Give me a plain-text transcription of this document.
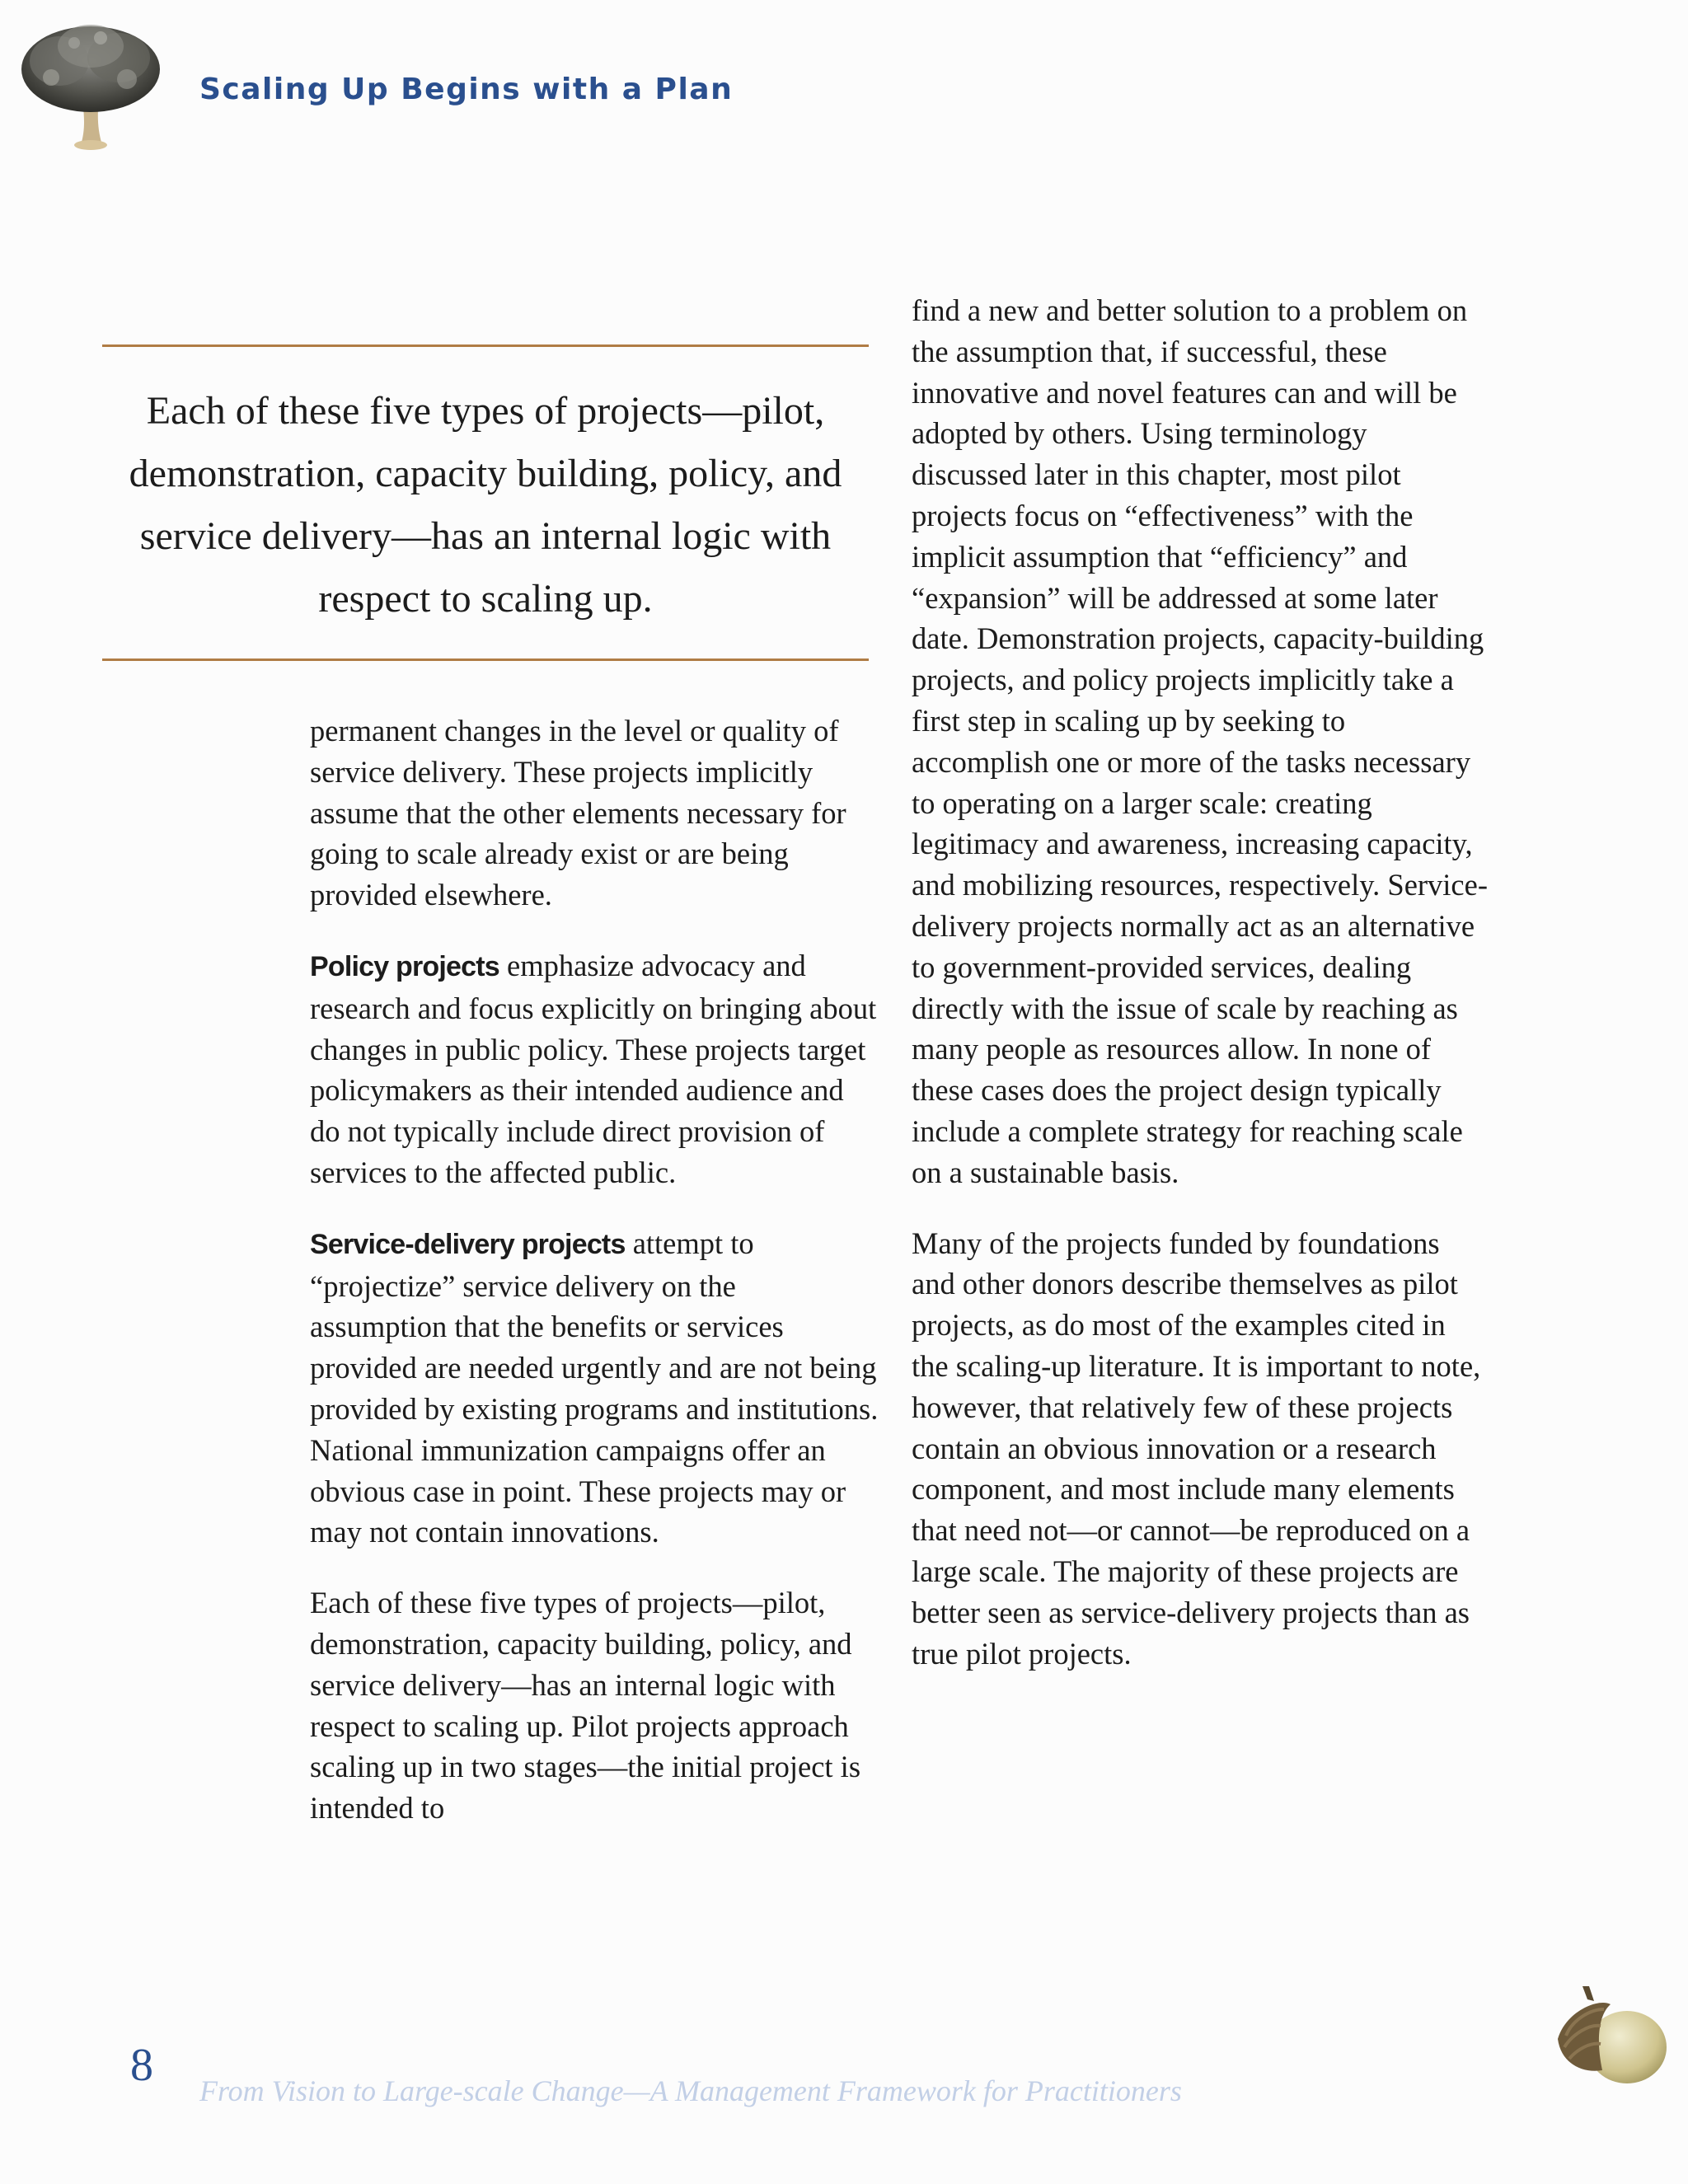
Scaling Up Begins with a Plan
Each of these five types of projects—pilot, demonstration, capacity building, policy, and service delivery—has an internal logic with respect to scaling up.

permanent changes in the level or quality of service delivery. These projects implicitly assume that the other elements necessary for going to scale already exist or are being provided elsewhere.

Policy projects emphasize advocacy and research and focus explicitly on bringing about changes in public policy. These projects target policymakers as their intended audience and do not typically include direct provision of services to the affected public.

Service-delivery projects attempt to “projectize” service delivery on the assumption that the benefits or services provided are needed urgently and are not being provided by existing programs and institutions. National immunization campaigns offer an obvious case in point. These projects may or may not contain innovations.

Each of these five types of projects—pilot, demonstration, capacity building, policy, and service delivery—has an internal logic with respect to scaling up. Pilot projects approach scaling up in two stages—the initial project is intended to

find a new and better solution to a problem on the assumption that, if successful, these innovative and novel features can and will be adopted by others. Using terminology discussed later in this chapter, most pilot projects focus on “effectiveness” with the implicit assumption that “efficiency” and “expansion” will be addressed at some later date. Demonstration projects, capacity-building projects, and policy projects implicitly take a first step in scaling up by seeking to accomplish one or more of the tasks necessary to operating on a larger scale: creating legitimacy and awareness, increasing capacity, and mobilizing resources, respectively. Service-delivery projects normally act as an alternative to government-provided services, dealing directly with the issue of scale by reaching as many people as resources allow. In none of these cases does the project design typically include a complete strategy for reaching scale on a sustainable basis.

Many of the projects funded by foundations and other donors describe themselves as pilot projects, as do most of the examples cited in the scaling-up literature. It is important to note, however, that relatively few of these projects contain an obvious innovation or a research component, and most include many elements that need not—or cannot—be reproduced on a large scale. The majority of these projects are better seen as service-delivery projects than as true pilot projects.

8 From Vision to Large-scale Change—A Management Framework for Practitioners
